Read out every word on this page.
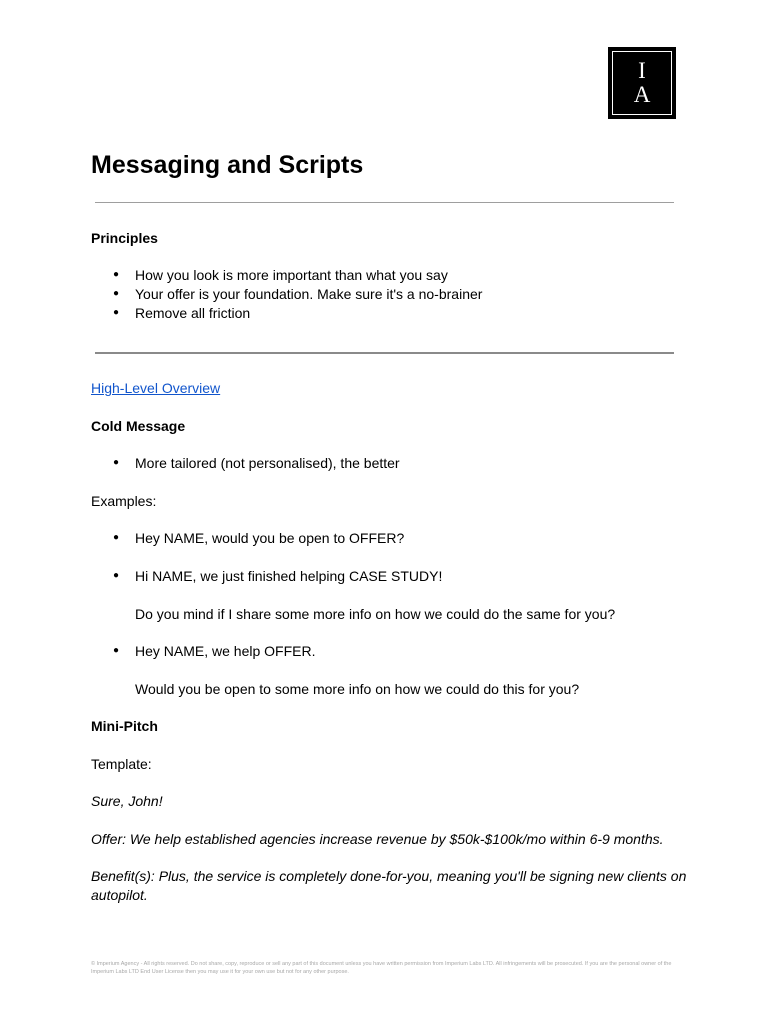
I
A
Messaging and Scripts
Principles
● How you look is more important than what you say
● Your offer is your foundation. Make sure it's a no-brainer
● Remove all friction
High-Level Overview
Cold Message
● More tailored (not personalised), the better
Examples:
● Hey NAME, would you be open to OFFER?
● Hi NAME, we just finished helping CASE STUDY!
Do you mind if I share some more info on how we could do the same for you?
● Hey NAME, we help OFFER.
Would you be open to some more info on how we could do this for you?
Mini-Pitch
Template:
Sure, John!
Offer: We help established agencies increase revenue by $50k-$100k/mo within 6-9 months.
Benefit(s): Plus, the service is completely done-for-you, meaning you'll be signing new clients on autopilot.
© Imperium Agency - All rights reserved. Do not share, copy, reproduce or sell any part of this document unless you have written permission from Imperium Labs LTD. All infringements will be prosecuted. If you are the personal owner of the Imperium Labs LTD End User License then you may use it for your own use but not for any other purpose.
